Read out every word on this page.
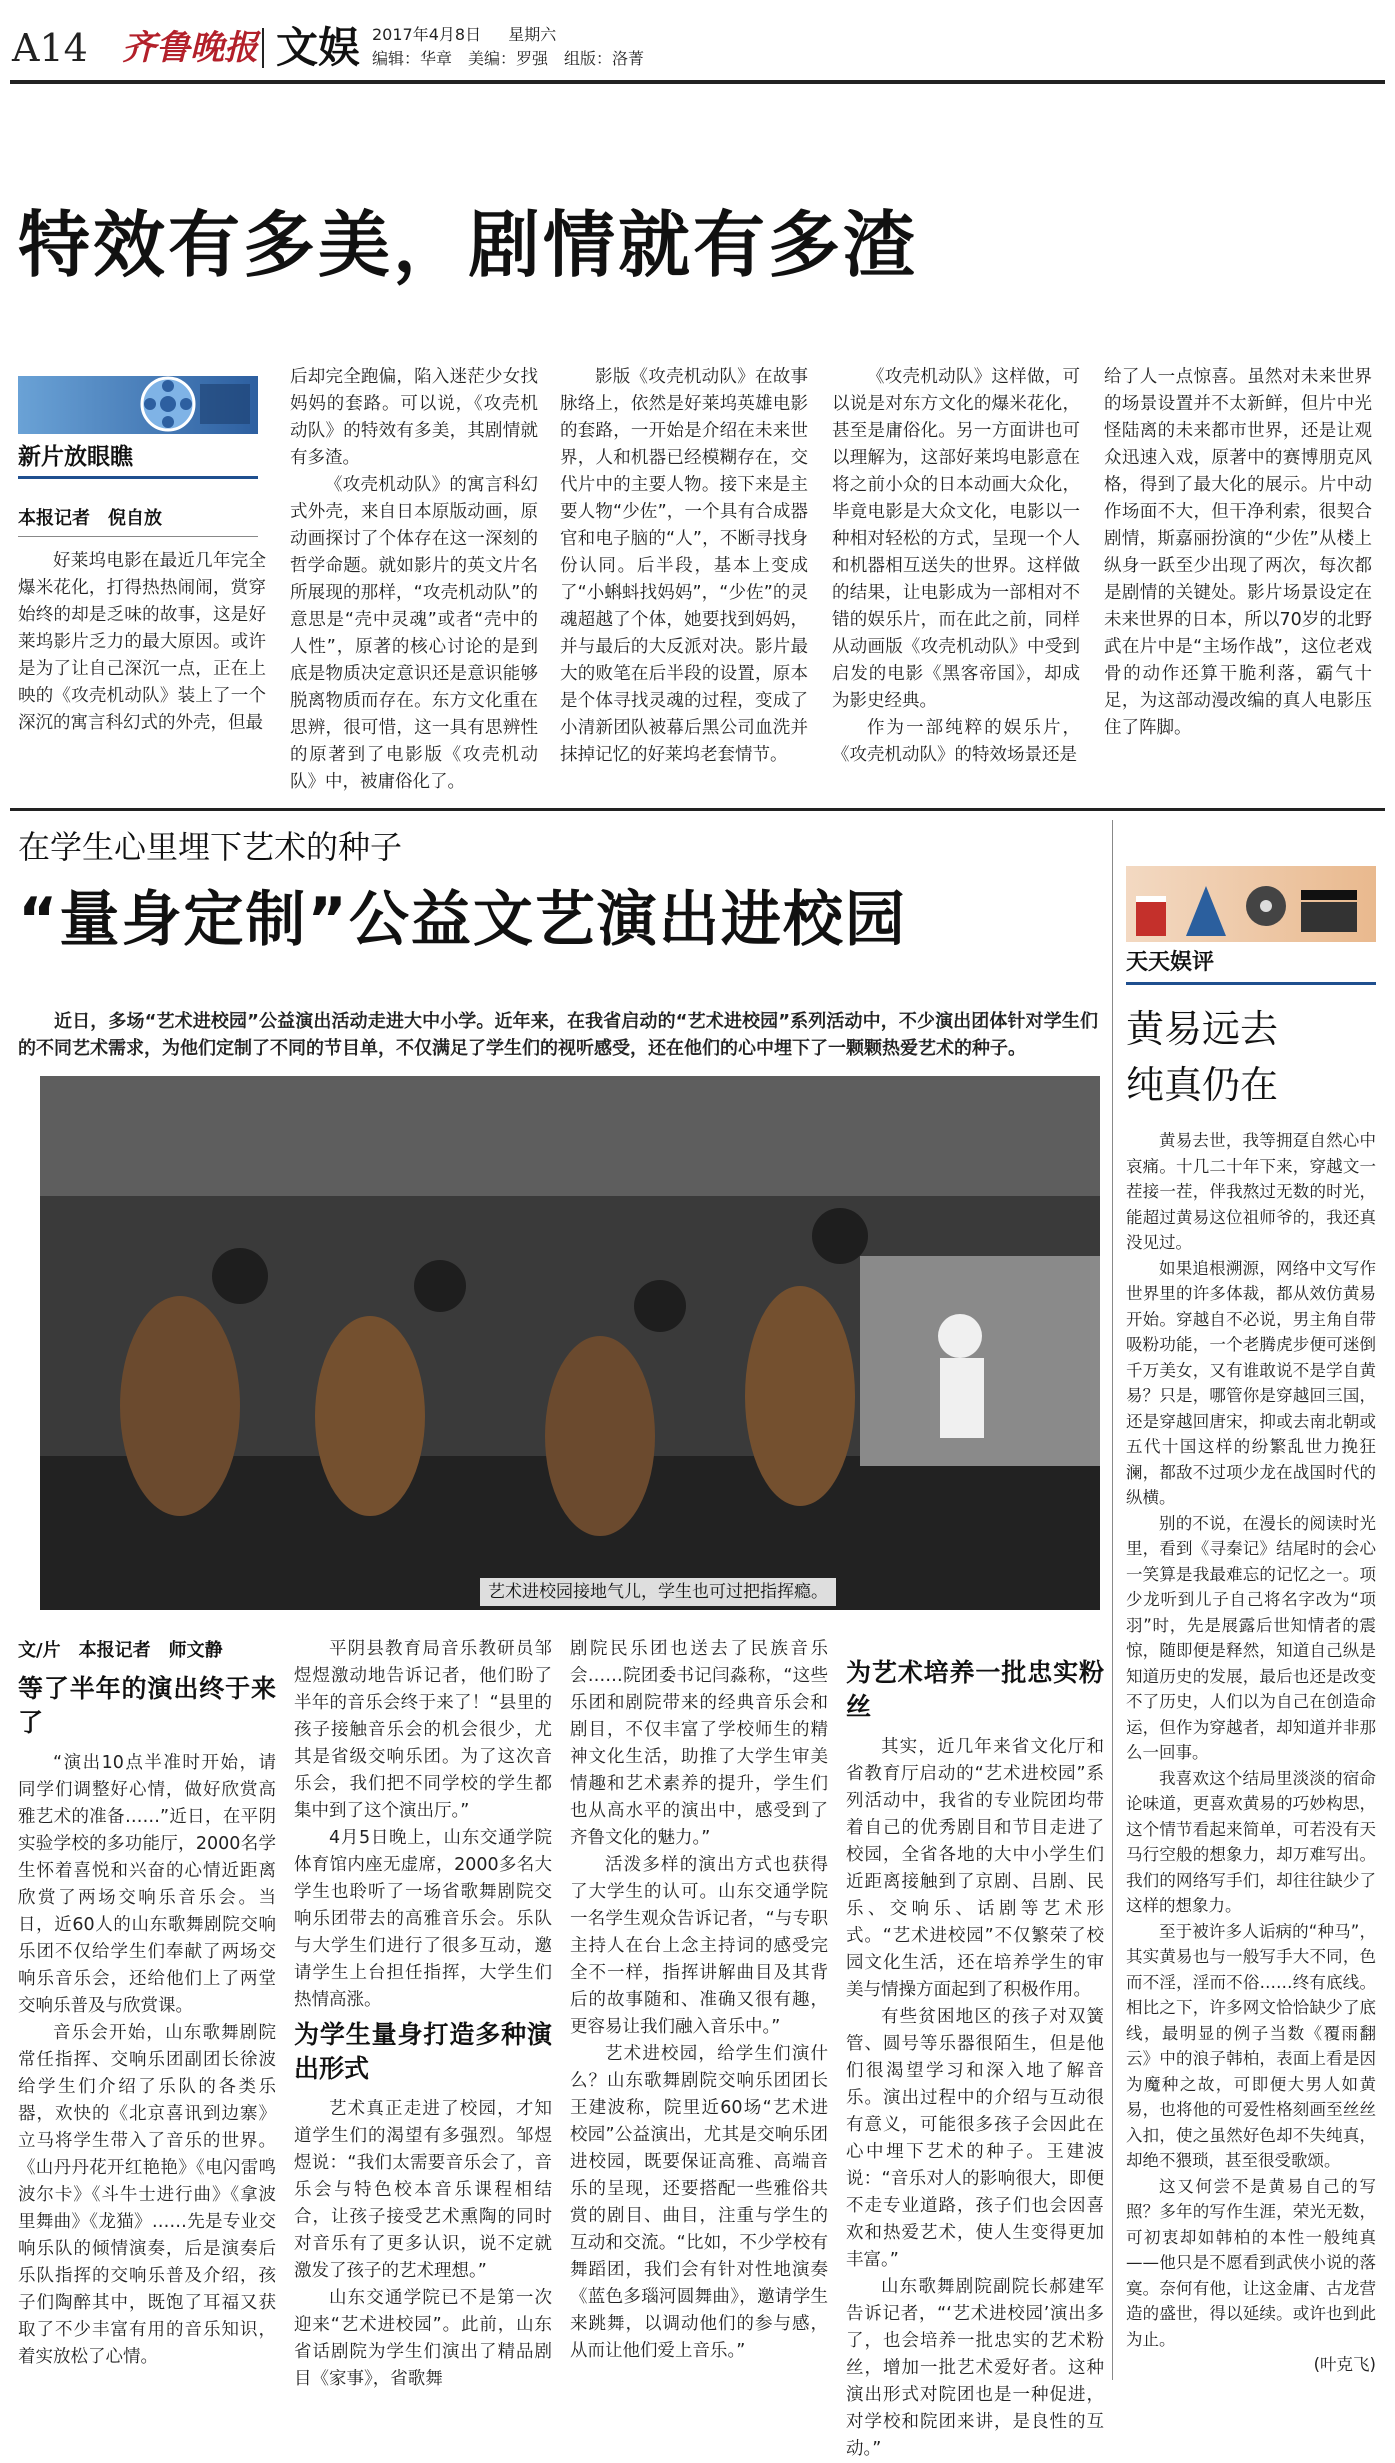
A14 齐鲁晚报 文娱 2017年4月8日 星期六
编辑：华章　美编：罗强　组版：洛菁
特效有多美，剧情就有多渣
新片放眼瞧
本报记者　倪自放

好莱坞电影在最近几年完全爆米花化，打得热热闹闹，赏穿始终的却是乏味的故事，这是好莱坞影片乏力的最大原因。或许是为了让自己深沉一点，正在上映的《攻壳机动队》装上了一个深沉的寓言科幻式的外壳，但最

后却完全跑偏，陷入迷茫少女找妈妈的套路。可以说，《攻壳机动队》的特效有多美，其剧情就有多渣。

《攻壳机动队》的寓言科幻式外壳，来自日本原版动画，原动画探讨了个体存在这一深刻的哲学命题。就如影片的英文片名所展现的那样，“攻壳机动队”的意思是“壳中灵魂”或者“壳中的人性”，原著的核心讨论的是到底是物质决定意识还是意识能够脱离物质而存在。东方文化重在思辨，很可惜，这一具有思辨性的原著到了电影版《攻壳机动队》中，被庸俗化了。

影版《攻壳机动队》在故事脉络上，依然是好莱坞英雄电影的套路，一开始是介绍在未来世界，人和机器已经模糊存在，交代片中的主要人物。接下来是主要人物“少佐”，一个具有合成器官和电子脑的“人”，不断寻找身份认同。后半段，基本上变成了“小蝌蚪找妈妈”，“少佐”的灵魂超越了个体，她要找到妈妈，并与最后的大反派对决。影片最大的败笔在后半段的设置，原本是个体寻找灵魂的过程，变成了小清新团队被幕后黑公司血洗并抹掉记忆的好莱坞老套情节。

《攻壳机动队》这样做，可以说是对东方文化的爆米花化，甚至是庸俗化。另一方面讲也可以理解为，这部好莱坞电影意在将之前小众的日本动画大众化，毕竟电影是大众文化，电影以一种相对轻松的方式，呈现一个人和机器相互送失的世界。这样做的结果，让电影成为一部相对不错的娱乐片，而在此之前，同样从动画版《攻壳机动队》中受到启发的电影《黑客帝国》，却成为影史经典。

作为一部纯粹的娱乐片，《攻壳机动队》的特效场景还是

给了人一点惊喜。虽然对未来世界的场景设置并不太新鲜，但片中光怪陆离的未来都市世界，还是让观众迅速入戏，原著中的赛博朋克风格，得到了最大化的展示。片中动作场面不大，但干净利索，很契合剧情，斯嘉丽扮演的“少佐”从楼上纵身一跃至少出现了两次，每次都是剧情的关键处。影片场景设定在未来世界的日本，所以70岁的北野武在片中是“主场作战”，这位老戏骨的动作还算干脆利落，霸气十足，为这部动漫改编的真人电影压住了阵脚。

在学生心里埋下艺术的种子
“量身定制”公益文艺演出进校园

近日，多场“艺术进校园”公益演出活动走进大中小学。近年来，在我省启动的“艺术进校园”系列活动中，不少演出团体针对学生们的不同艺术需求，为他们定制了不同的节目单，不仅满足了学生们的视听感受，还在他们的心中埋下了一颗颗热爱艺术的种子。

艺术进校园接地气儿，学生也可过把指挥瘾。
文/片　本报记者　师文静
等了半年的演出终于来了

“演出10点半准时开始，请同学们调整好心情，做好欣赏高雅艺术的准备……”近日，在平阴实验学校的多功能厅，2000名学生怀着喜悦和兴奋的心情近距离欣赏了两场交响乐音乐会。当日，近60人的山东歌舞剧院交响乐团不仅给学生们奉献了两场交响乐音乐会，还给他们上了两堂交响乐普及与欣赏课。

音乐会开始，山东歌舞剧院常任指挥、交响乐团副团长徐波给学生们介绍了乐队的各类乐器，欢快的《北京喜讯到边寨》立马将学生带入了音乐的世界。《山丹丹花开红艳艳》《电闪雷鸣波尔卡》《斗牛士进行曲》《拿波里舞曲》《龙猫》……先是专业交响乐队的倾情演奏，后是演奏后乐队指挥的交响乐普及介绍，孩子们陶醉其中，既饱了耳福又获取了不少丰富有用的音乐知识，着实放松了心情。

平阴县教育局音乐教研员邹煜煜激动地告诉记者，他们盼了半年的音乐会终于来了！“县里的孩子接触音乐会的机会很少，尤其是省级交响乐团。为了这次音乐会，我们把不同学校的学生都集中到了这个演出厅。”

4月5日晚上，山东交通学院体育馆内座无虚席，2000多名大学生也聆听了一场省歌舞剧院交响乐团带去的高雅音乐会。乐队与大学生们进行了很多互动，邀请学生上台担任指挥，大学生们热情高涨。

为学生量身打造多种演出形式

艺术真正走进了校园，才知道学生们的渴望有多强烈。邹煜煜说：“我们太需要音乐会了，音乐会与特色校本音乐课程相结合，让孩子接受艺术熏陶的同时对音乐有了更多认识，说不定就激发了孩子的艺术理想。”

山东交通学院已不是第一次迎来“艺术进校园”。此前，山东省话剧院为学生们演出了精品剧目《家事》，省歌舞

剧院民乐团也送去了民族音乐会……院团委书记闫淼称，“这些乐团和剧院带来的经典音乐会和剧目，不仅丰富了学校师生的精神文化生活，助推了大学生审美情趣和艺术素养的提升，学生们也从高水平的演出中，感受到了齐鲁文化的魅力。”

活泼多样的演出方式也获得了大学生的认可。山东交通学院一名学生观众告诉记者，“与专职主持人在台上念主持词的感受完全不一样，指挥讲解曲目及其背后的故事随和、准确又很有趣，更容易让我们融入音乐中。”

艺术进校园，给学生们演什么？山东歌舞剧院交响乐团团长王建波称，院里近60场“艺术进校园”公益演出，尤其是交响乐团进校园，既要保证高雅、高端音乐的呈现，还要搭配一些雅俗共赏的剧目、曲目，注重与学生的互动和交流。“比如，不少学校有舞蹈团，我们会有针对性地演奏《蓝色多瑙河圆舞曲》，邀请学生来跳舞，以调动他们的参与感，从而让他们爱上音乐。”

为艺术培养一批忠实粉丝

其实，近几年来省文化厅和省教育厅启动的“艺术进校园”系列活动中，我省的专业院团均带着自己的优秀剧目和节目走进了校园，全省各地的大中小学生们近距离接触到了京剧、吕剧、民乐、交响乐、话剧等艺术形式。“艺术进校园”不仅繁荣了校园文化生活，还在培养学生的审美与情操方面起到了积极作用。

有些贫困地区的孩子对双簧管、圆号等乐器很陌生，但是他们很渴望学习和深入地了解音乐。演出过程中的介绍与互动很有意义，可能很多孩子会因此在心中埋下艺术的种子。王建波说：“音乐对人的影响很大，即便不走专业道路，孩子们也会因喜欢和热爱艺术，使人生变得更加丰富。”

山东歌舞剧院副院长郝建军告诉记者，“‘艺术进校园’演出多了，也会培养一批忠实的艺术粉丝，增加一批艺术爱好者。这种演出形式对院团也是一种促进，对学校和院团来讲，是良性的互动。”

天天娱评
黄易远去
纯真仍在

黄易去世，我等拥趸自然心中哀痛。十几二十年下来，穿越文一茬接一茬，伴我熬过无数的时光，能超过黄易这位祖师爷的，我还真没见过。

如果追根溯源，网络中文写作世界里的许多体裁，都从效仿黄易开始。穿越自不必说，男主角自带吸粉功能，一个老腾虎步便可迷倒千万美女，又有谁敢说不是学自黄易？只是，哪管你是穿越回三国，还是穿越回唐宋，抑或去南北朝或五代十国这样的纷繁乱世力挽狂澜，都敌不过项少龙在战国时代的纵横。

别的不说，在漫长的阅读时光里，看到《寻秦记》结尾时的会心一笑算是我最难忘的记忆之一。项少龙听到儿子自己将名字改为“项羽”时，先是展露后世知情者的震惊，随即便是释然，知道自己纵是知道历史的发展，最后也还是改变不了历史，人们以为自己在创造命运，但作为穿越者，却知道并非那么一回事。

我喜欢这个结局里淡淡的宿命论味道，更喜欢黄易的巧妙构思，这个情节看起来简单，可若没有天马行空般的想象力，却万难写出。我们的网络写手们，却往往缺少了这样的想象力。

至于被许多人诟病的“种马”，其实黄易也与一般写手大不同，色而不淫，淫而不俗……终有底线。相比之下，许多网文恰恰缺少了底线，最明显的例子当数《覆雨翻云》中的浪子韩柏，表面上看是因为魔种之故，可即便大男人如黄易，也将他的可爱性格刻画至丝丝入扣，使之虽然好色却不失纯真，却绝不猥琐，甚至很受歌颂。

这又何尝不是黄易自己的写照？多年的写作生涯，荣光无数，可初衷却如韩柏的本性一般纯真——他只是不愿看到武侠小说的落寞。奈何有他，让这金庸、古龙营造的盛世，得以延续。或许也到此为止。

(叶克飞)
